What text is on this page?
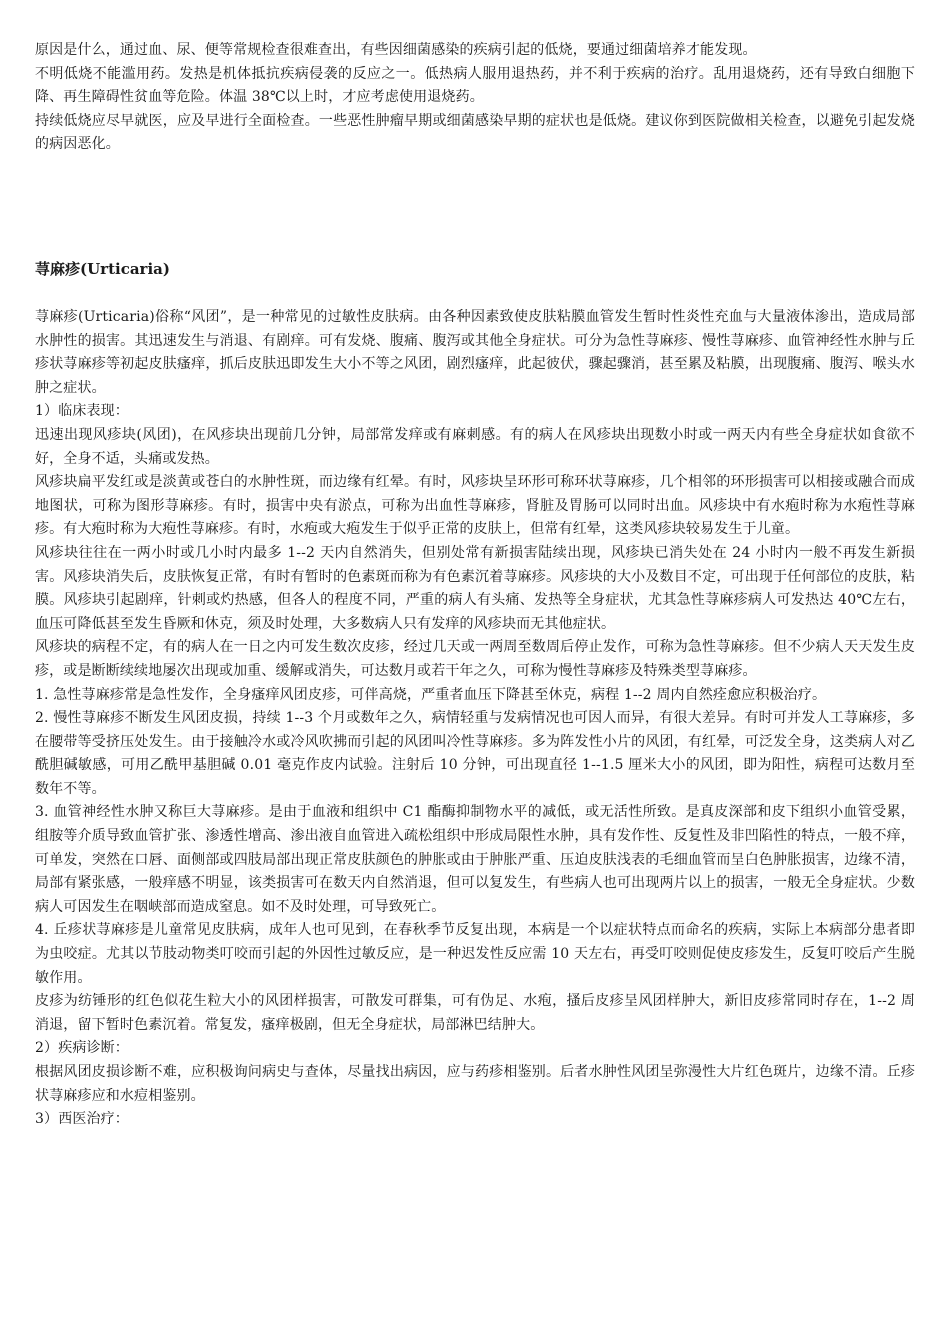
原因是什么，通过血、尿、便等常规检查很难查出，有些因细菌感染的疾病引起的低烧，要通过细菌培养才能发现。

不明低烧不能滥用药。发热是机体抵抗疾病侵袭的反应之一。低热病人服用退热药，并不利于疾病的治疗。乱用退烧药，还有导致白细胞下降、再生障碍性贫血等危险。体温 38℃以上时，才应考虑使用退烧药。

持续低烧应尽早就医，应及早进行全面检查。一些恶性肿瘤早期或细菌感染早期的症状也是低烧。建议你到医院做相关检查，以避免引起发烧的病因恶化。

荨麻疹(Urticaria)

荨麻疹(Urticaria)俗称“风团”，是一种常见的过敏性皮肤病。由各种因素致使皮肤粘膜血管发生暂时性炎性充血与大量液体渗出，造成局部水肿性的损害。其迅速发生与消退、有剧痒。可有发烧、腹痛、腹泻或其他全身症状。可分为急性荨麻疹、慢性荨麻疹、血管神经性水肿与丘疹状荨麻疹等初起皮肤瘙痒，抓后皮肤迅即发生大小不等之风团，剧烈瘙痒，此起彼伏，骤起骤消，甚至累及粘膜，出现腹痛、腹泻、喉头水肿之症状。

1）临床表现：

迅速出现风疹块(风团)，在风疹块出现前几分钟，局部常发痒或有麻刺感。有的病人在风疹块出现数小时或一两天内有些全身症状如食欲不好，全身不适，头痛或发热。

风疹块扁平发红或是淡黄或苍白的水肿性斑，而边缘有红晕。有时，风疹块呈环形可称环状荨麻疹，几个相邻的环形损害可以相接或融合而成地图状，可称为图形荨麻疹。有时，损害中央有淤点，可称为出血性荨麻疹，肾脏及胃肠可以同时出血。风疹块中有水疱时称为水疱性荨麻疹。有大疱时称为大疱性荨麻疹。有时，水疱或大疱发生于似乎正常的皮肤上，但常有红晕，这类风疹块较易发生于儿童。

风疹块往往在一两小时或几小时内最多 1--2 天内自然消失，但别处常有新损害陆续出现，风疹块已消失处在 24 小时内一般不再发生新损害。风疹块消失后，皮肤恢复正常，有时有暂时的色素斑而称为有色素沉着荨麻疹。风疹块的大小及数目不定，可出现于任何部位的皮肤，粘膜。风疹块引起剧痒，针刺或灼热感，但各人的程度不同，严重的病人有头痛、发热等全身症状，尤其急性荨麻疹病人可发热达 40℃左右，血压可降低甚至发生昏厥和休克，须及时处理，大多数病人只有发痒的风疹块而无其他症状。

风疹块的病程不定，有的病人在一日之内可发生数次皮疹，经过几天或一两周至数周后停止发作，可称为急性荨麻疹。但不少病人天天发生皮疹，或是断断续续地屡次出现或加重、缓解或消失，可达数月或若干年之久，可称为慢性荨麻疹及特殊类型荨麻疹。

1. 急性荨麻疹常是急性发作，全身瘙痒风团皮疹，可伴高烧，严重者血压下降甚至休克，病程 1--2 周内自然痊愈应积极治疗。

2. 慢性荨麻疹不断发生风团皮损，持续 1--3 个月或数年之久，病情轻重与发病情况也可因人而异，有很大差异。有时可并发人工荨麻疹，多在腰带等受挤压处发生。由于接触冷水或冷风吹拂而引起的风团叫冷性荨麻疹。多为阵发性小片的风团，有红晕，可泛发全身，这类病人对乙酰胆碱敏感，可用乙酰甲基胆碱 0.01 毫克作皮内试验。注射后 10 分钟，可出现直径 1--1.5 厘米大小的风团，即为阳性，病程可达数月至数年不等。

3. 血管神经性水肿又称巨大荨麻疹。是由于血液和组织中 C1 酯酶抑制物水平的减低，或无活性所致。是真皮深部和皮下组织小血管受累，组胺等介质导致血管扩张、渗透性增高、渗出液自血管进入疏松组织中形成局限性水肿，具有发作性、反复性及非凹陷性的特点，一般不痒，可单发，突然在口唇、面侧部或四肢局部出现正常皮肤颜色的肿胀或由于肿胀严重、压迫皮肤浅表的毛细血管而呈白色肿胀损害，边缘不清，局部有紧张感，一般痒感不明显，该类损害可在数天内自然消退，但可以复发生，有些病人也可出现两片以上的损害，一般无全身症状。少数病人可因发生在咽峡部而造成窒息。如不及时处理，可导致死亡。

4. 丘疹状荨麻疹是儿童常见皮肤病，成年人也可见到，在春秋季节反复出现，本病是一个以症状特点而命名的疾病，实际上本病部分患者即为虫咬症。尤其以节肢动物类叮咬而引起的外因性过敏反应，是一种迟发性反应需 10 天左右，再受叮咬则促使皮疹发生，反复叮咬后产生脱敏作用。

皮疹为纺锤形的红色似花生粒大小的风团样损害，可散发可群集，可有伪足、水疱，搔后皮疹呈风团样肿大，新旧皮疹常同时存在，1--2 周消退，留下暂时色素沉着。常复发，瘙痒极剧，但无全身症状，局部淋巴结肿大。

2）疾病诊断：

根据风团皮损诊断不难，应积极询问病史与查体，尽量找出病因，应与药疹相鉴别。后者水肿性风团呈弥漫性大片红色斑片，边缘不清。丘疹状荨麻疹应和水痘相鉴别。

3）西医治疗：
